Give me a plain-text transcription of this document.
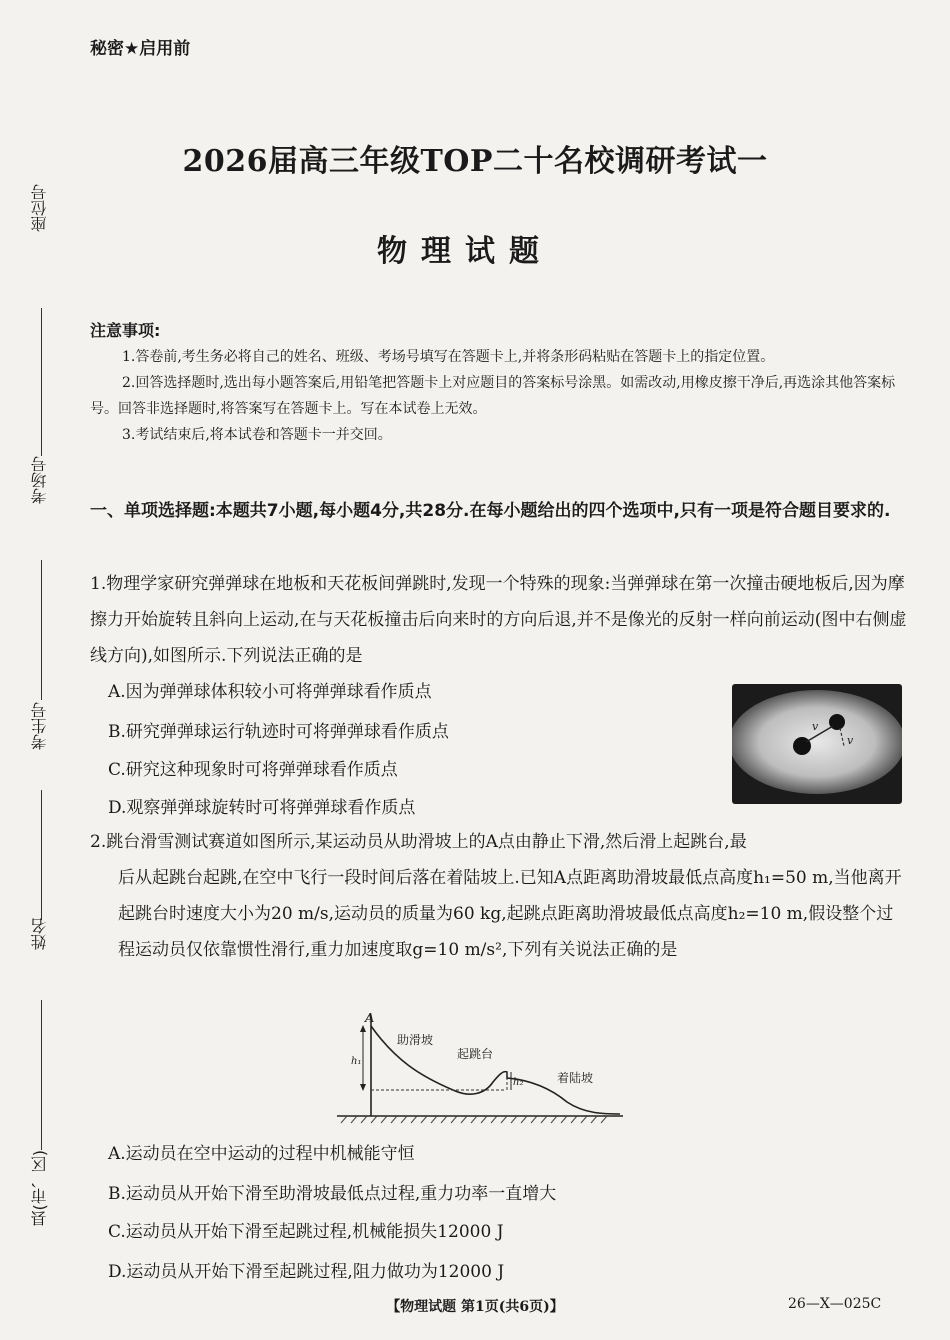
秘密★启用前
2026届高三年级TOP二十名校调研考试一
物理试题
座位号
考场号
考生号
姓名
县(市、区)
注意事项:
1.答卷前,考生务必将自己的姓名、班级、考场号填写在答题卡上,并将条形码粘贴在答题卡上的指定位置。
2.回答选择题时,选出每小题答案后,用铅笔把答题卡上对应题目的答案标号涂黑。如需改动,用橡皮擦干净后,再选涂其他答案标号。回答非选择题时,将答案写在答题卡上。写在本试卷上无效。
3.考试结束后,将本试卷和答题卡一并交回。
一、单项选择题:本题共7小题,每小题4分,共28分.在每小题给出的四个选项中,只有一项是符合题目要求的.
1.物理学家研究弹弹球在地板和天花板间弹跳时,发现一个特殊的现象:当弹弹球在第一次撞击硬地板后,因为摩擦力开始旋转且斜向上运动,在与天花板撞击后向来时的方向后退,并不是像光的反射一样向前运动(图中右侧虚线方向),如图所示.下列说法正确的是
A.因为弹弹球体积较小可将弹弹球看作质点
B.研究弹弹球运行轨迹时可将弹弹球看作质点
C.研究这种现象时可将弹弹球看作质点
D.观察弹弹球旋转时可将弹弹球看作质点
v
v
2.跳台滑雪测试赛道如图所示,某运动员从助滑坡上的A点由静止下滑,然后滑上起跳台,最
后从起跳台起跳,在空中飞行一段时间后落在着陆坡上.已知A点距离助滑坡最低点高度h₁=50 m,当他离开起跳台时速度大小为20 m/s,运动员的质量为60 kg,起跳点距离助滑坡最低点高度h₂=10 m,假设整个过程运动员仅依靠惯性滑行,重力加速度取g=10 m/s²,下列有关说法正确的是
A
h₁
助滑坡
起跳台
h₂	着陆坡
A.运动员在空中运动的过程中机械能守恒
B.运动员从开始下滑至助滑坡最低点过程,重力功率一直增大
C.运动员从开始下滑至起跳过程,机械能损失12000 J
D.运动员从开始下滑至起跳过程,阻力做功为12000 J
【物理试题 第1页(共6页)】	26—X—025C
